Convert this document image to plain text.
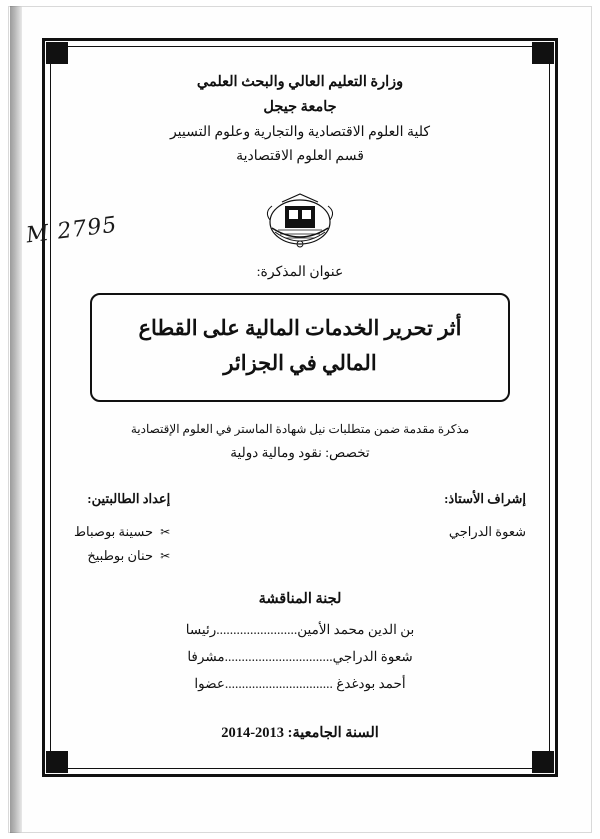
M 2795
وزارة التعليم العالي والبحث العلمي
جامعة جيجل
كلية العلوم الاقتصادية والتجارية وعلوم التسيير
قسم العلوم الاقتصادية
عنوان المذكرة:
أثر تحرير الخدمات المالية على القطاع
المالي في الجزائر
مذكرة مقدمة ضمن متطلبات نيل شهادة الماستر في العلوم الإقتصادية
تخصص: نقود ومالية دولية
إشراف الأستاذ:
شعوة الدراجي
إعداد الطالبتين:
✂ حسينة بوصباط
✂ حنان بوطبيخ
لجنة المناقشة
بن الدين محمد الأمين........................رئيسا
شعوة الدراجي................................مشرفا
أحمد بودغدغ ................................عضوا
السنة الجامعية: 2013-2014
